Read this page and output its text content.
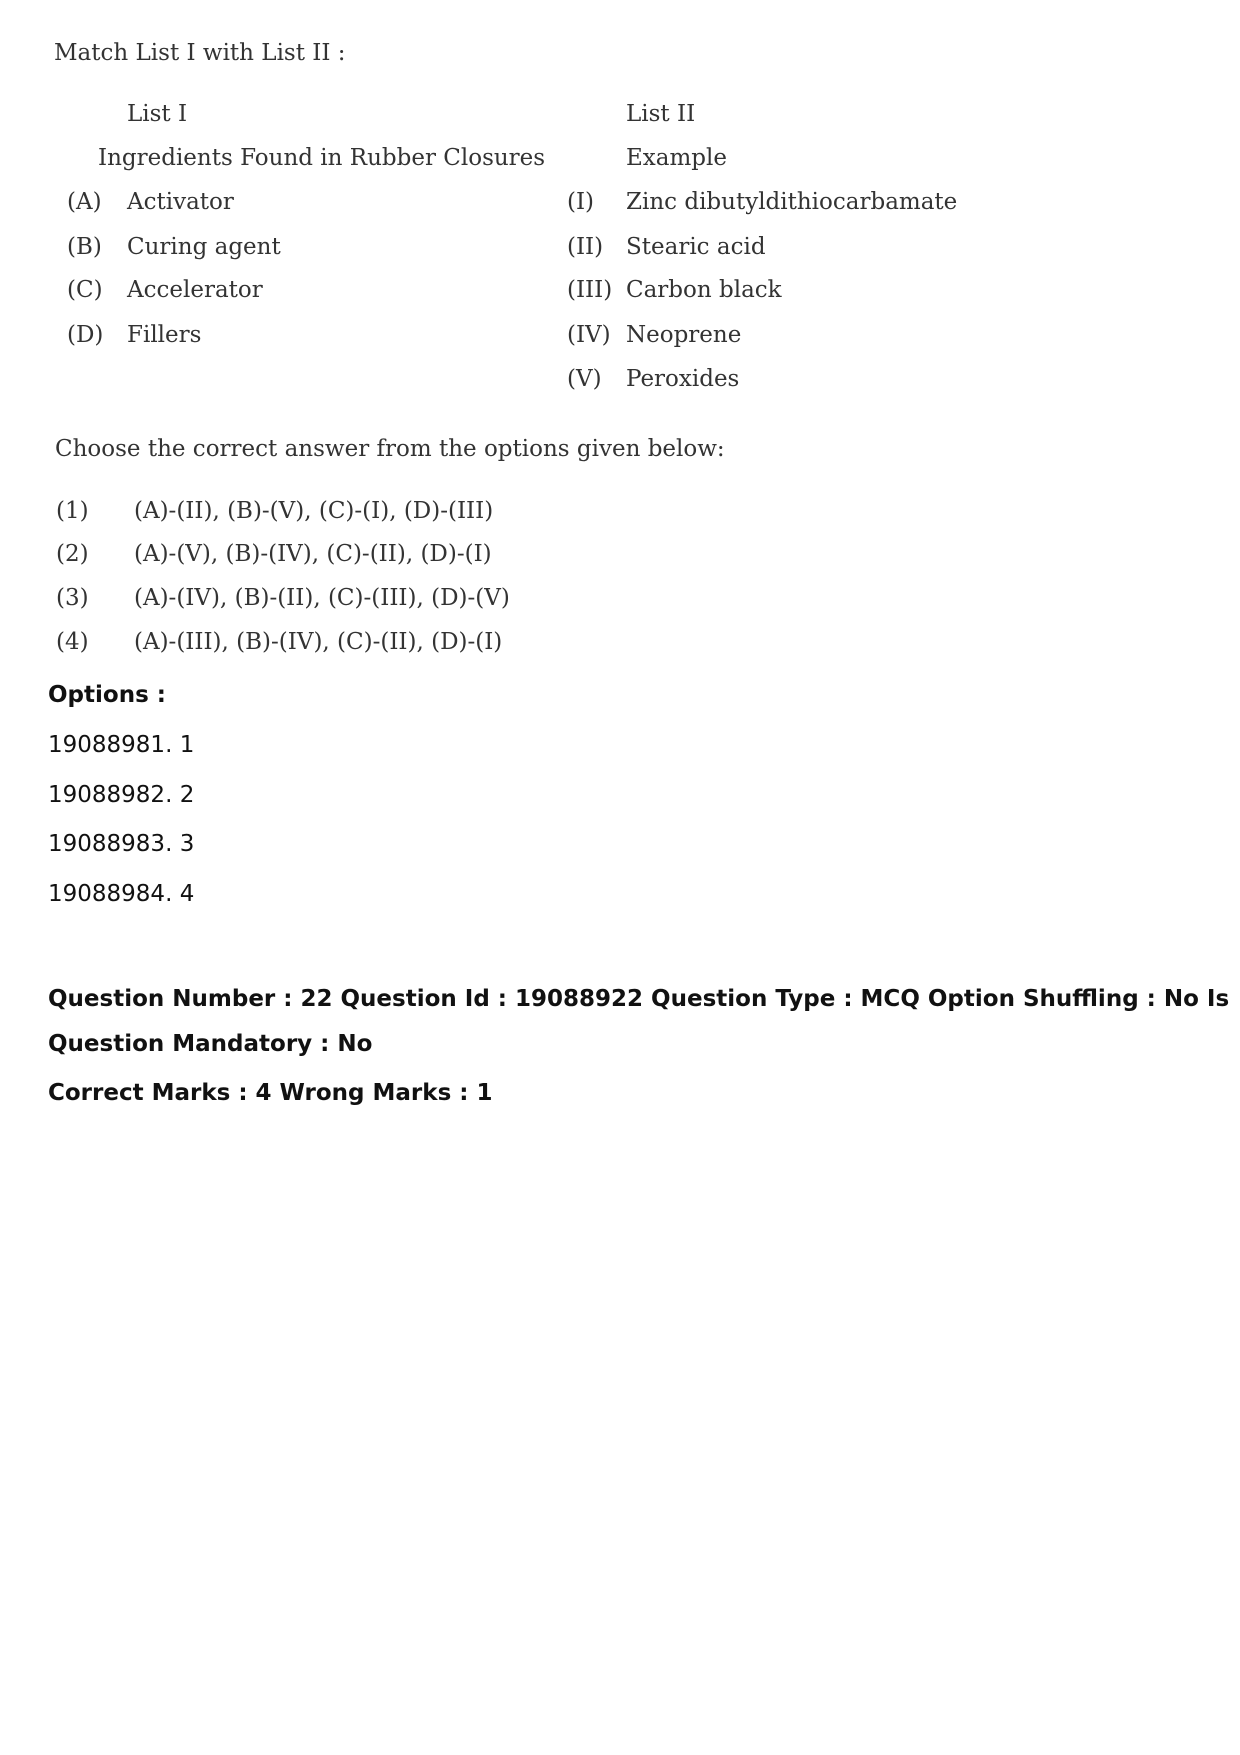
Match List I with List II :
List I	List II
Ingredients Found in Rubber Closures	Example
(A) Activator
(B) Curing agent
(C) Accelerator
(D) Fillers
(I) Zinc dibutyldithiocarbamate
(II) Stearic acid
(III) Carbon black
(IV) Neoprene
(V) Peroxides
Choose the correct answer from the options given below:
(1) (A)-(II), (B)-(V), (C)-(I), (D)-(III)
(2) (A)-(V), (B)-(IV), (C)-(II), (D)-(I)
(3) (A)-(IV), (B)-(II), (C)-(III), (D)-(V)
(4) (A)-(III), (B)-(IV), (C)-(II), (D)-(I)
Options :
19088981. 1
19088982. 2
19088983. 3
19088984. 4
Question Number : 22 Question Id : 19088922 Question Type : MCQ Option Shuffling : No Is
Question Mandatory : No
Correct Marks : 4 Wrong Marks : 1
